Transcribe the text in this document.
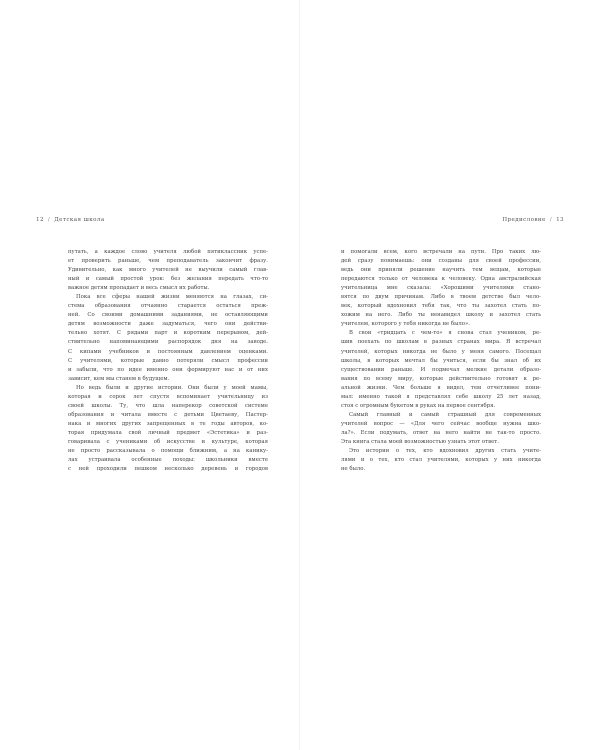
12 / Детская школа
путать, а каждое слово учителя любой пятиклассник успе-
ет проверить раньше, чем преподаватель закончит фразу.
Удивительно, как много учителей не выучили самый глав-
ный и самый простой урок: без желания передать что-то
важное детям пропадает и весь смысл их работы.
Пока все сферы нашей жизни меняются на глазах, си-
стема образования отчаянно старается остаться преж-
ней. Со своими домашними заданиями, не оставляющими
детям возможности даже задуматься, чего они действи-
тельно хотят. С рядами парт и коротким перерывом, дей-
ствительно напоминающими распорядок дня на заводе.
С кипами учебников и постоянным давлением оценками.
С учителями, которые давно потеряли смысл профессии
и забыли, что по идее именно они формируют нас и от них
зависит, кем мы станем в будущем.
Но ведь были и другие истории. Они были у моей мамы,
которая и сорок лет спустя вспоминает учительницу из
своей школы. Ту, что шла наперекор советской системе
образования и читала вместе с детьми Цветаеву, Пастер-
нака и многих других запрещенных в те годы авторов, ко-
торая придумала свой личный предмет «Эстетика» и раз-
говаривала с учениками об искусстве и культуре, которая
не просто рассказывала о помощи ближним, а на канику-
лах устраивала особенные походы: школьники вместе
с ней проходили пешком несколько деревень и городов
Предисловие / 13
и помогали всем, кого встречали на пути. Про таких лю-
дей сразу понимаешь: они созданы для своей профессии,
ведь они приняли решение научить тем вещам, которые
передаются только от человека к человеку. Одна австралийская
учительница мне сказала: «Хорошими учителями стано-
вятся по двум причинам. Либо в твоем детстве был чело-
век, который вдохновил тебя так, что ты захотел стать по-
хожим на него. Либо ты ненавидел школу и захотел стать
учителем, которого у тебя никогда не было».
В свои «тридцать с чем-то» я снова стал учеником, ре-
шив поехать по школам в разных странах мира. Я встречал
учителей, которых никогда не было у меня самого. Посещал
школы, в которых мечтал бы учиться, если бы знал об их
существовании раньше. И подмечал мелкие детали образо-
вания по всему миру, которые действительно готовят к ре-
альной жизни. Чем больше я видел, тем отчетливее пони-
мал: именно такой я представлял себе школу 25 лет назад,
стоя с огромным букетом в руках на первое сентября.
Самый главный и самый страшный для современных
учителей вопрос — «Для чего сейчас вообще нужна шко-
ла?». Если подумать, ответ на него найти не так-то просто.
Эта книга стала моей возможностью узнать этот ответ.
Это истории о тех, кто вдохновил других стать учите-
лями и о тех, кто стал учителями, которых у них никогда
не было.
